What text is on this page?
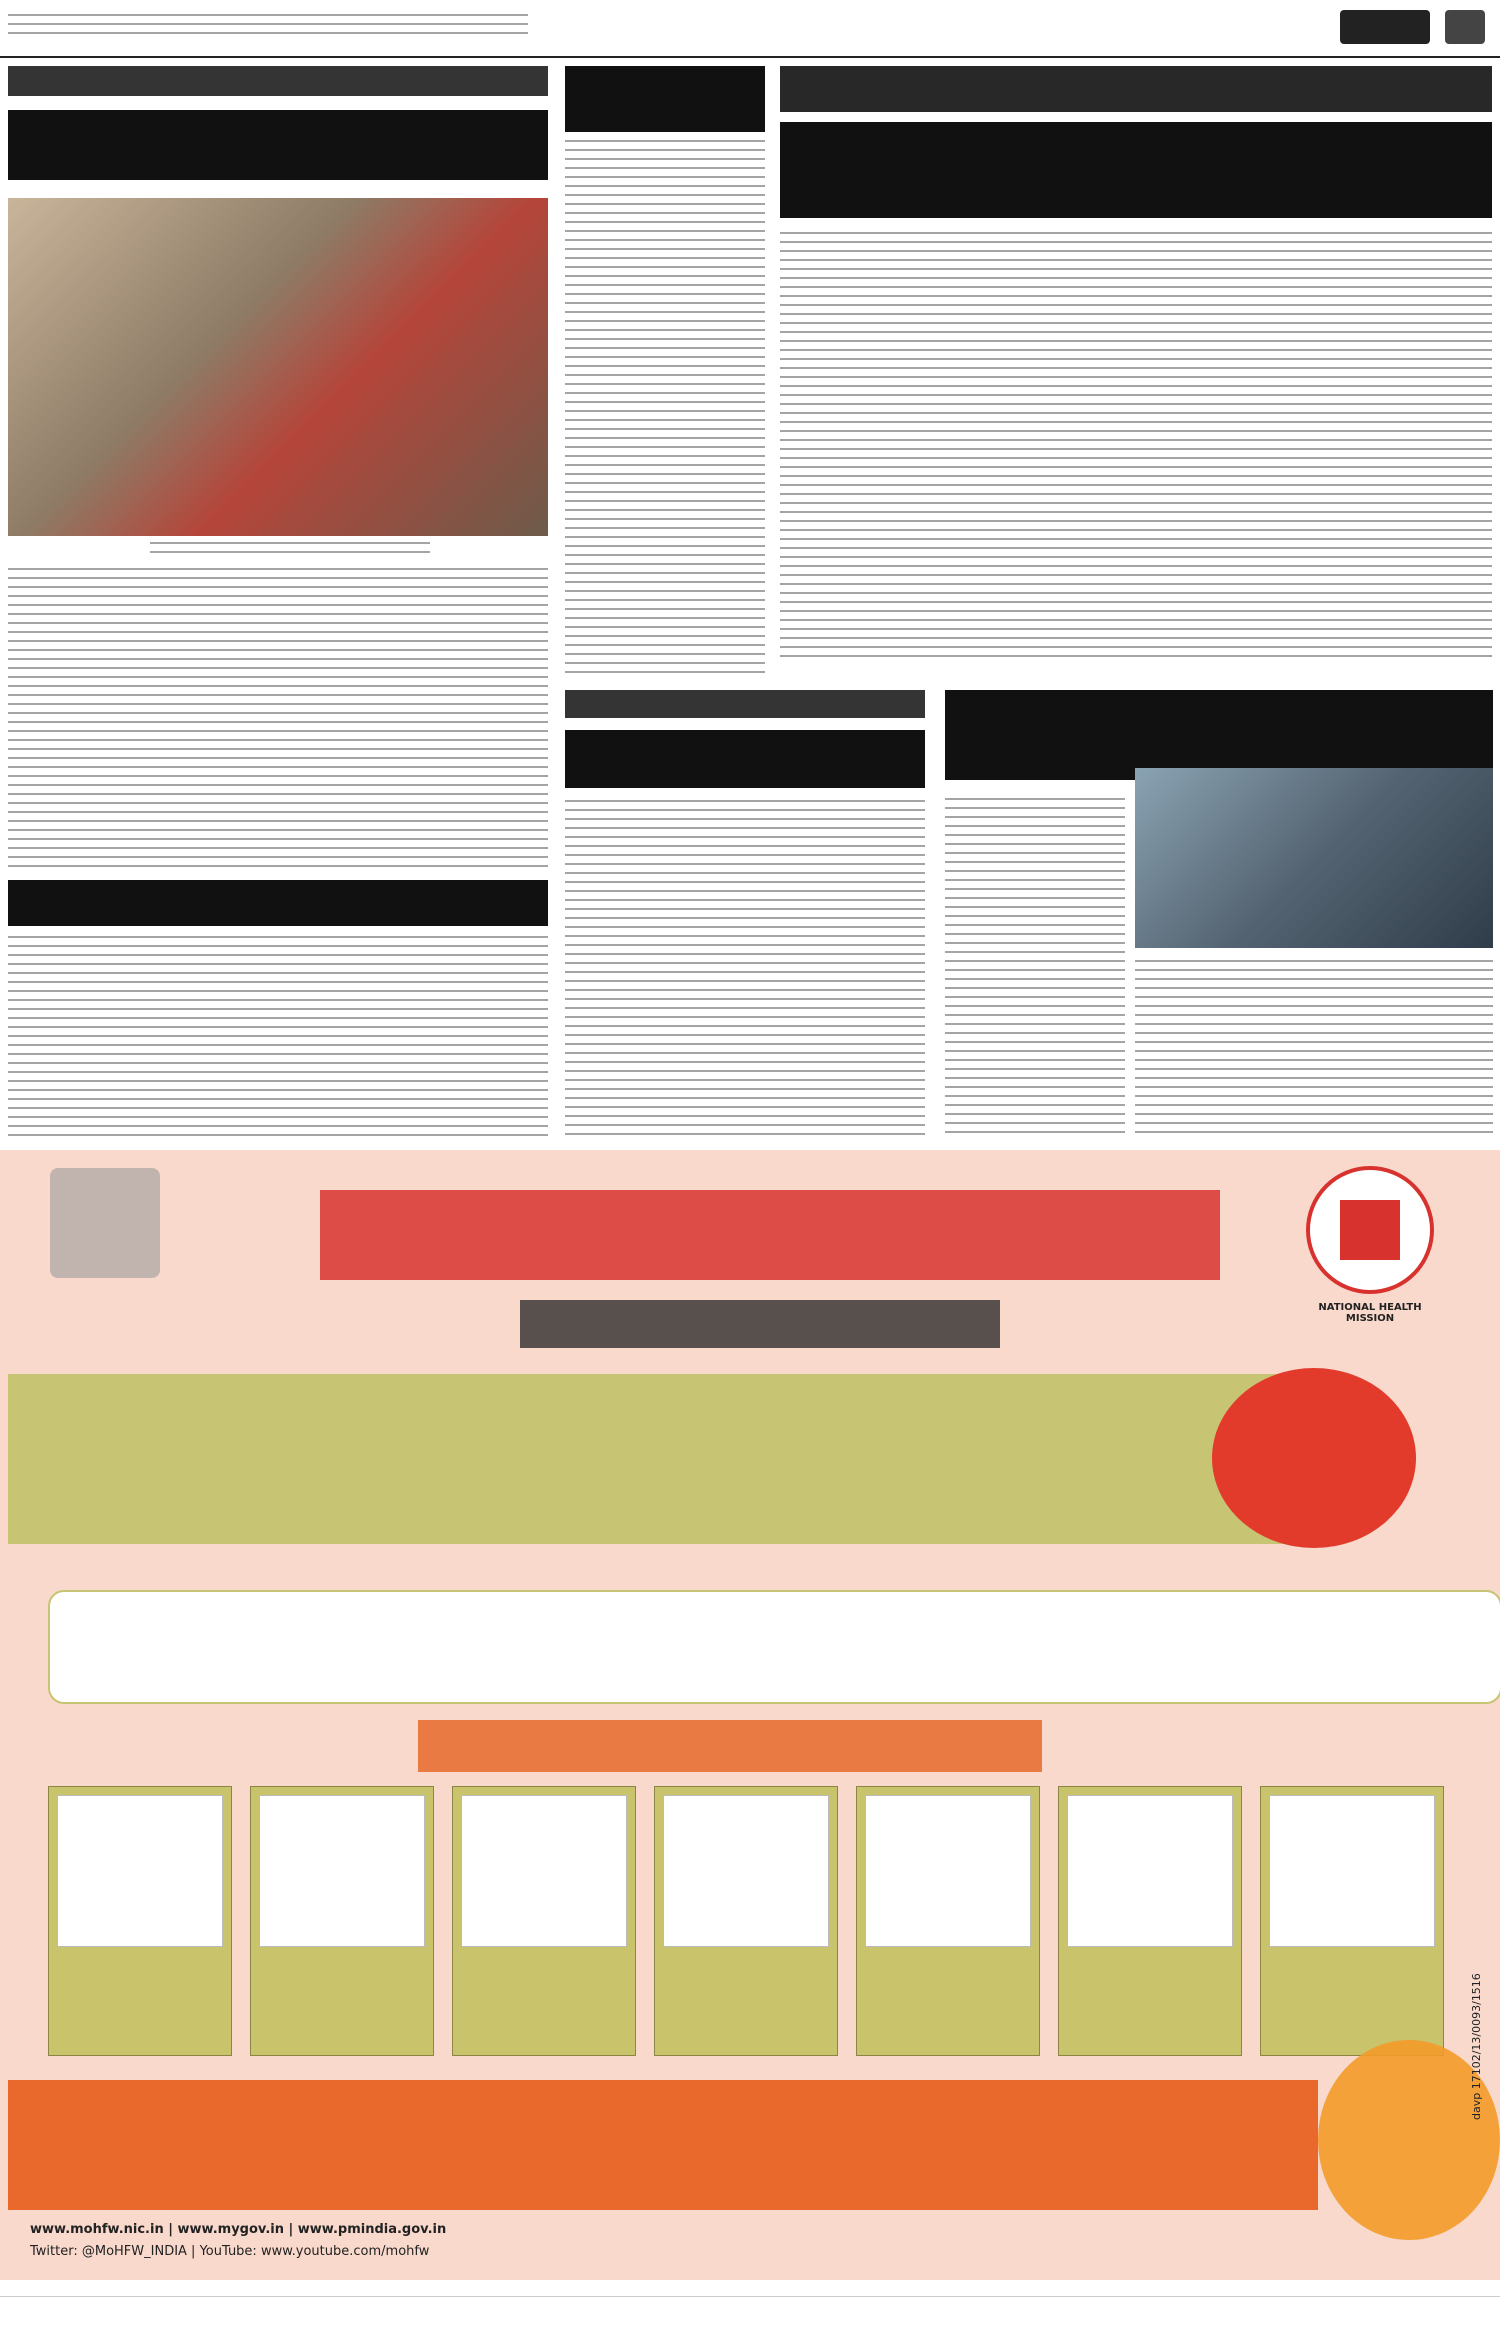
NATIONAL HEALTH MISSION
www.mohfw.nic.in | www.mygov.in | www.pmindia.gov.in
Twitter: @MoHFW_INDIA | YouTube: www.youtube.com/mohfw
davp 17102/13/0093/1516
